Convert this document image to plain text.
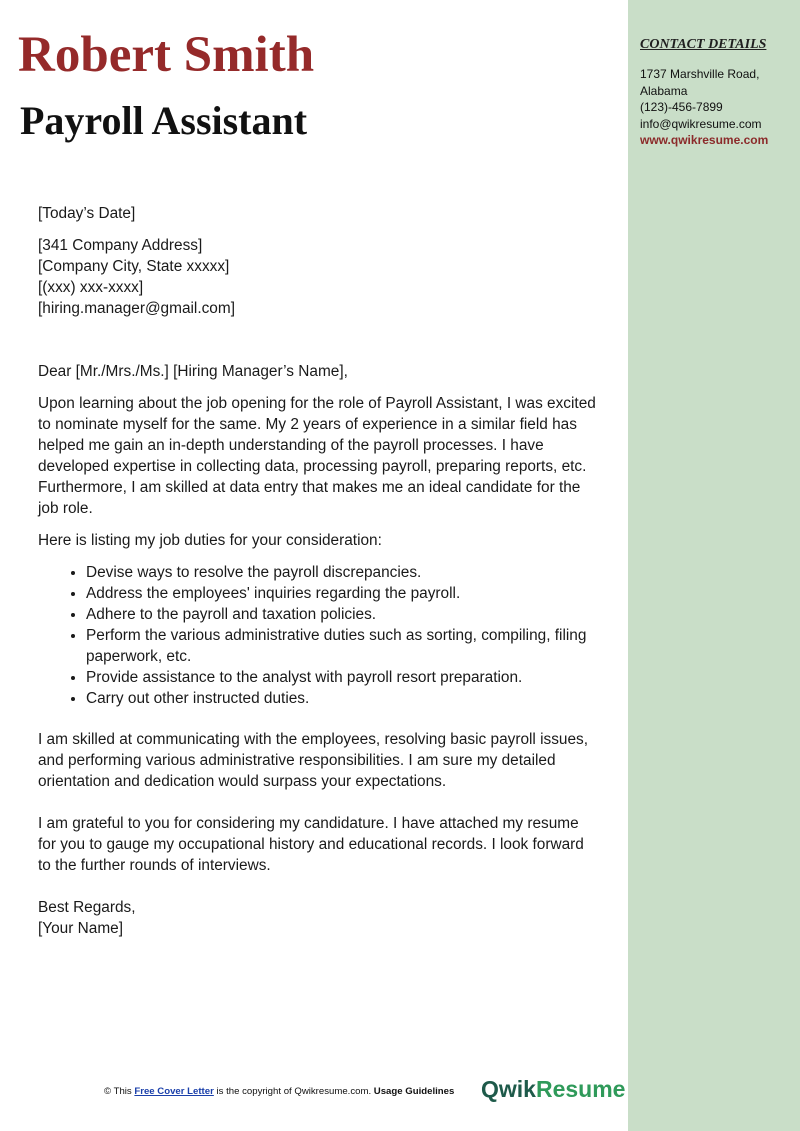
CONTACT DETAILS
1737 Marshville Road,
Alabama
(123)-456-7899
info@qwikresume.com
www.qwikresume.com
Robert Smith
Payroll Assistant

[Today’s Date]

[341 Company Address]

[Company City, State xxxxx]

[(xxx) xxx-xxxx]

[hiring.manager@gmail.com]

Dear [Mr./Mrs./Ms.] [Hiring Manager’s Name],

Upon learning about the job opening for the role of Payroll Assistant, I was excited to nominate myself for the same. My 2 years of experience in a similar field has helped me gain an in-depth understanding of the payroll processes. I have developed expertise in collecting data, processing payroll, preparing reports, etc. Furthermore, I am skilled at data entry that makes me an ideal candidate for the job role.

Here is listing my job duties for your consideration:

• Devise ways to resolve the payroll discrepancies.
• Address the employees' inquiries regarding the payroll.
• Adhere to the payroll and taxation policies.
• Perform the various administrative duties such as sorting, compiling, filing paperwork, etc.
• Provide assistance to the analyst with payroll resort preparation.
• Carry out other instructed duties.

I am skilled at communicating with the employees, resolving basic payroll issues, and performing various administrative responsibilities. I am sure my detailed orientation and dedication would surpass your expectations.

I am grateful to you for considering my candidature. I have attached my resume for you to gauge my occupational history and educational records. I look forward to the further rounds of interviews.

Best Regards,

[Your Name]

© This Free Cover Letter is the copyright of Qwikresume.com. Usage Guidelines QwikResume
